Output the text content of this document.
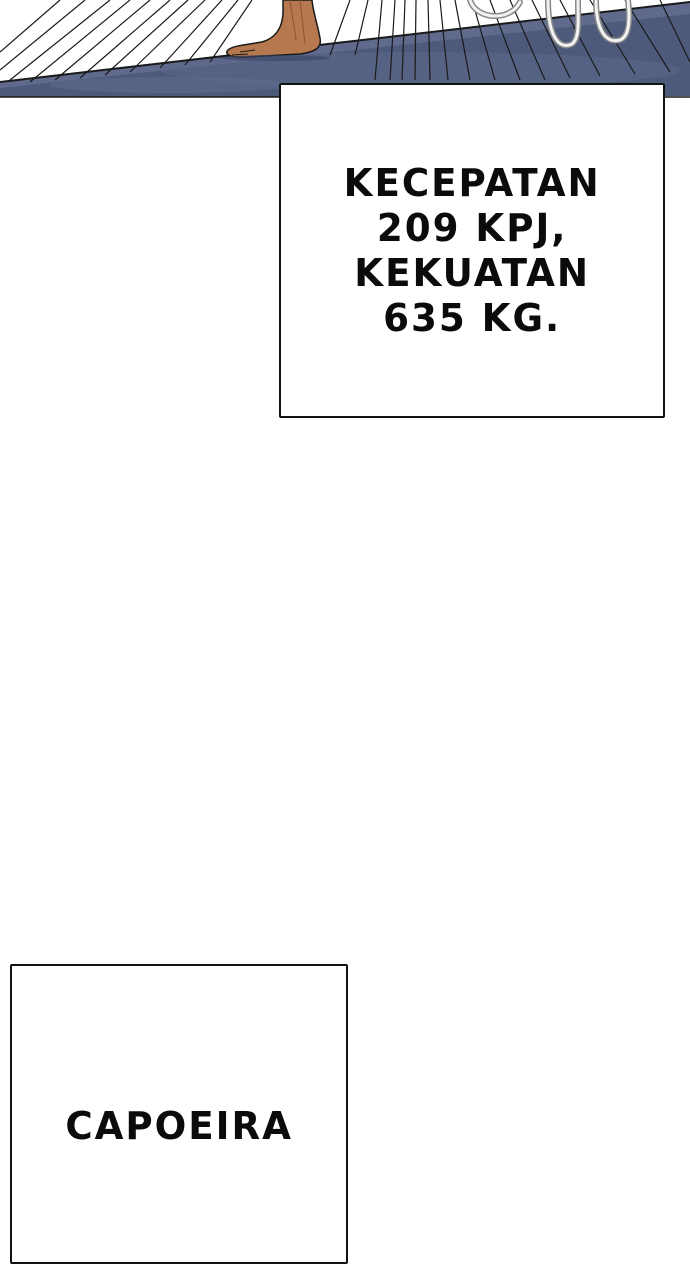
KECEPATAN
209 KPJ,
KEKUATAN
635 KG.
CAPOEIRA
